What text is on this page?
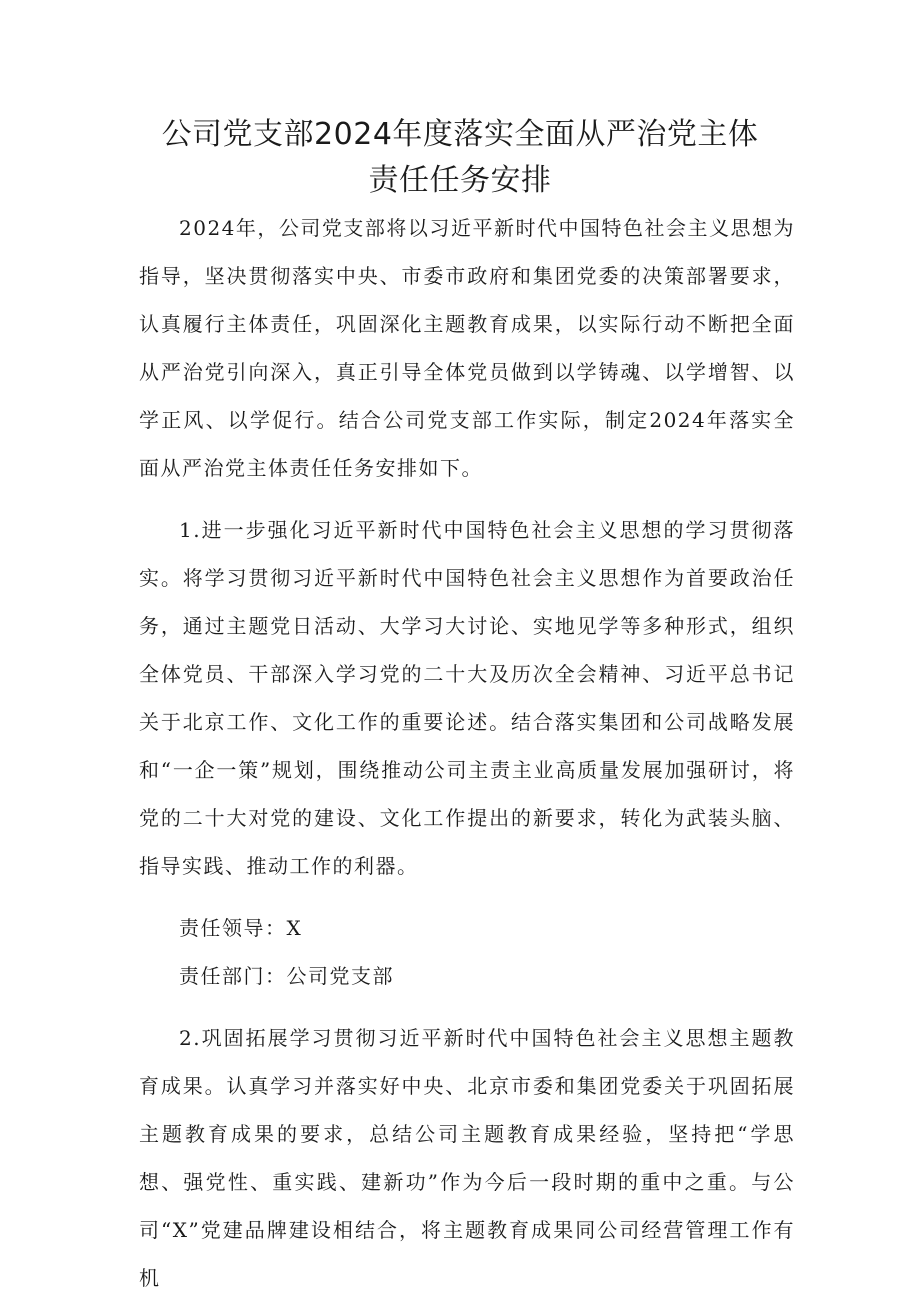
公司党支部2024年度落实全面从严治党主体
责任任务安排

2024年，公司党支部将以习近平新时代中国特色社会主义思想为指导，坚决贯彻落实中央、市委市政府和集团党委的决策部署要求，认真履行主体责任，巩固深化主题教育成果，以实际行动不断把全面从严治党引向深入，真正引导全体党员做到以学铸魂、以学增智、以学正风、以学促行。结合公司党支部工作实际，制定2024年落实全面从严治党主体责任任务安排如下。

1.进一步强化习近平新时代中国特色社会主义思想的学习贯彻落实。将学习贯彻习近平新时代中国特色社会主义思想作为首要政治任务，通过主题党日活动、大学习大讨论、实地见学等多种形式，组织全体党员、干部深入学习党的二十大及历次全会精神、习近平总书记关于北京工作、文化工作的重要论述。结合落实集团和公司战略发展和“一企一策”规划，围绕推动公司主责主业高质量发展加强研讨，将党的二十大对党的建设、文化工作提出的新要求，转化为武装头脑、指导实践、推动工作的利器。

责任领导：X

责任部门：公司党支部

2.巩固拓展学习贯彻习近平新时代中国特色社会主义思想主题教育成果。认真学习并落实好中央、北京市委和集团党委关于巩固拓展主题教育成果的要求，总结公司主题教育成果经验，坚持把“学思想、强党性、重实践、建新功”作为今后一段时期的重中之重。与公司“X”党建品牌建设相结合，将主题教育成果同公司经营管理工作有机
